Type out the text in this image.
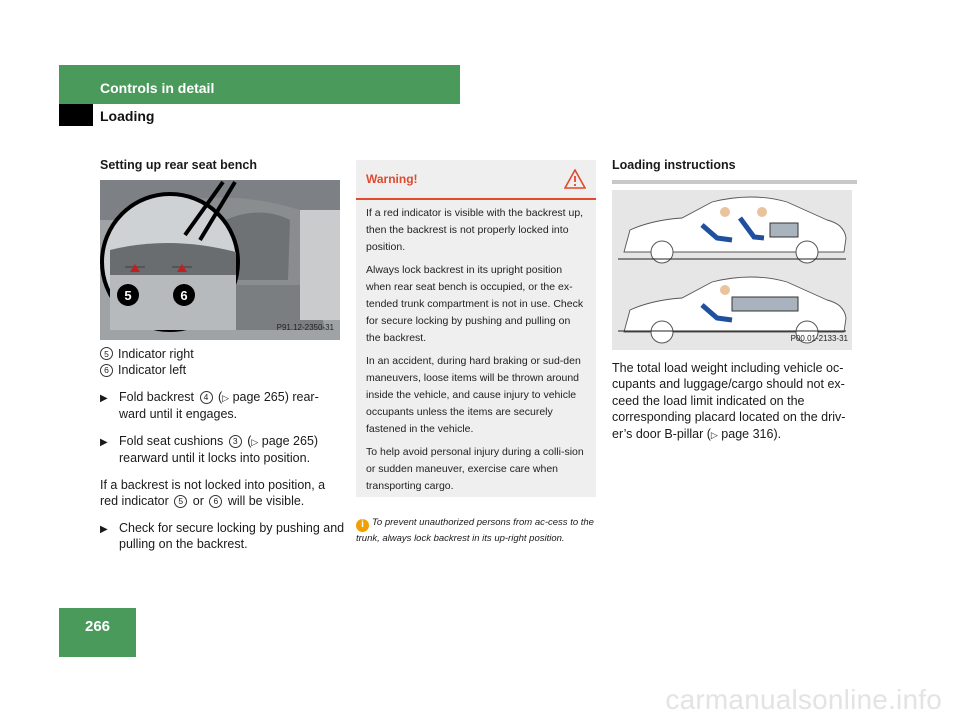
Controls in detail
Loading
Setting up rear seat bench
5	6
P91.12-2350-31
5 Indicator right
6 Indicator left
▶ Fold backrest 4 (▷ page 265) rear-ward until it engages.
▶ Fold seat cushions 3 (▷ page 265) rearward until it locks into position.
If a backrest is not locked into position, a red indicator 5 or 6 will be visible.
▶ Check for secure locking by pushing and pulling on the backrest.
Warning!

If a red indicator is visible with the backrest up, then the backrest is not properly locked into position.

Always lock backrest in its upright position when rear seat bench is occupied, or the ex-tended trunk compartment is not in use. Check for secure locking by pushing and pulling on the backrest.

In an accident, during hard braking or sud-den maneuvers, loose items will be thrown around inside the vehicle, and cause injury to vehicle occupants unless the items are securely fastened in the vehicle.

To help avoid personal injury during a colli-sion or sudden maneuver, exercise care when transporting cargo.

i To prevent unauthorized persons from ac-cess to the trunk, always lock backrest in its up-right position.
Loading instructions
P00.01-2133-31
The total load weight including vehicle oc-cupants and luggage/cargo should not ex-ceed the load limit indicated on the corresponding placard located on the driv-er’s door B-pillar (▷ page 316).
266
carmanualsonline.info
